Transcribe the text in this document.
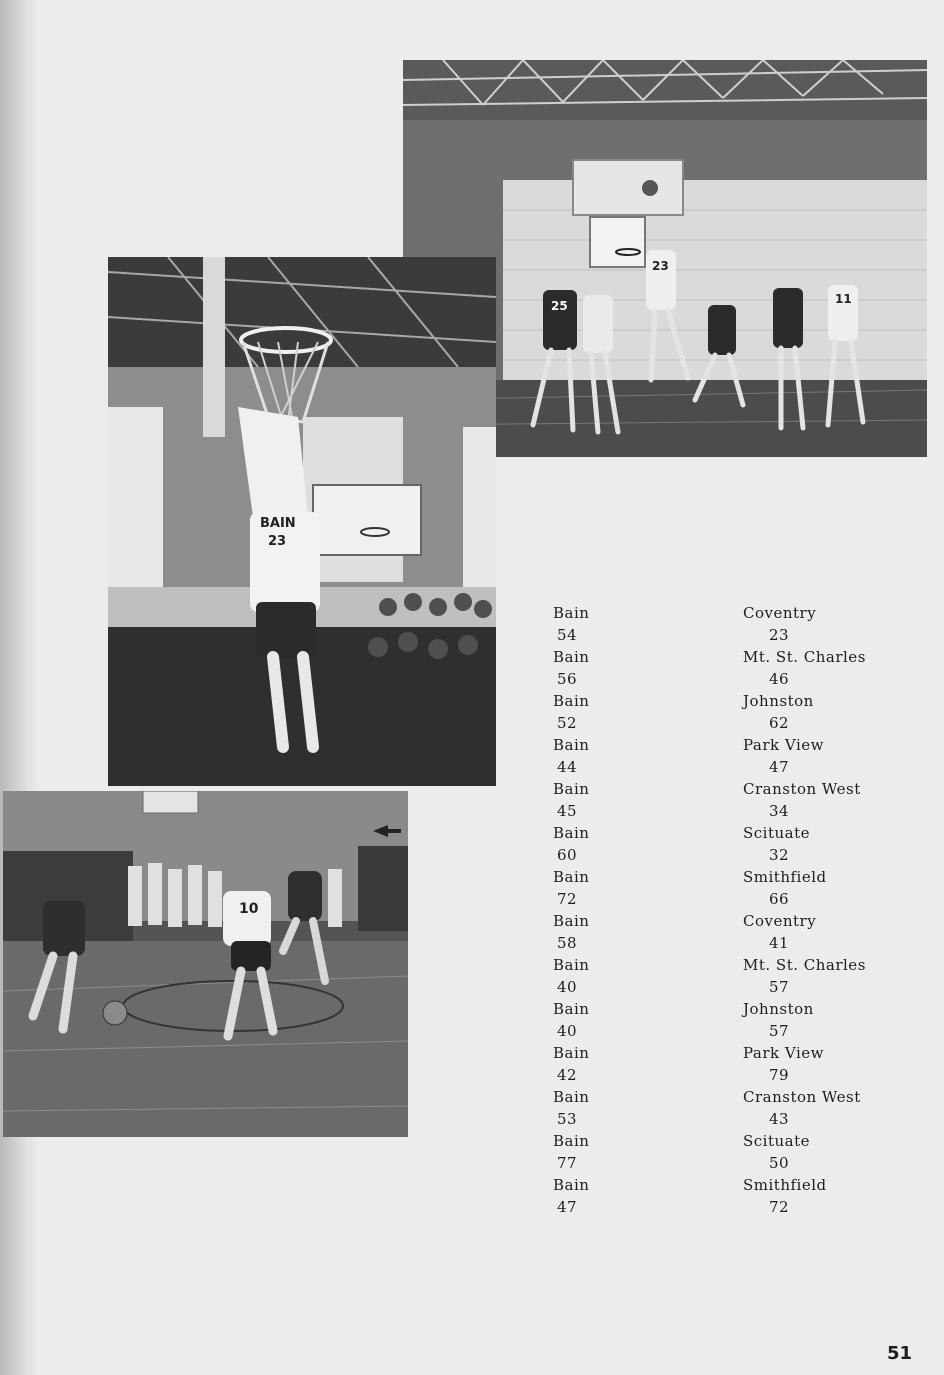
25
23
11
BAIN
23
10
Bain
54
Coventry
23
Bain
56
Mt. St. Charles
46
Bain
52
Johnston
62
Bain
44
Park View
47
Bain
45
Cranston West
34
Bain
60
Scituate
32
Bain
72
Smithfield
66
Bain
58
Coventry
41
Bain
40
Mt. St. Charles
57
Bain
40
Johnston
57
Bain
42
Park View
79
Bain
53
Cranston West
43
Bain
77
Scituate
50
Bain
47
Smithfield
72
51
